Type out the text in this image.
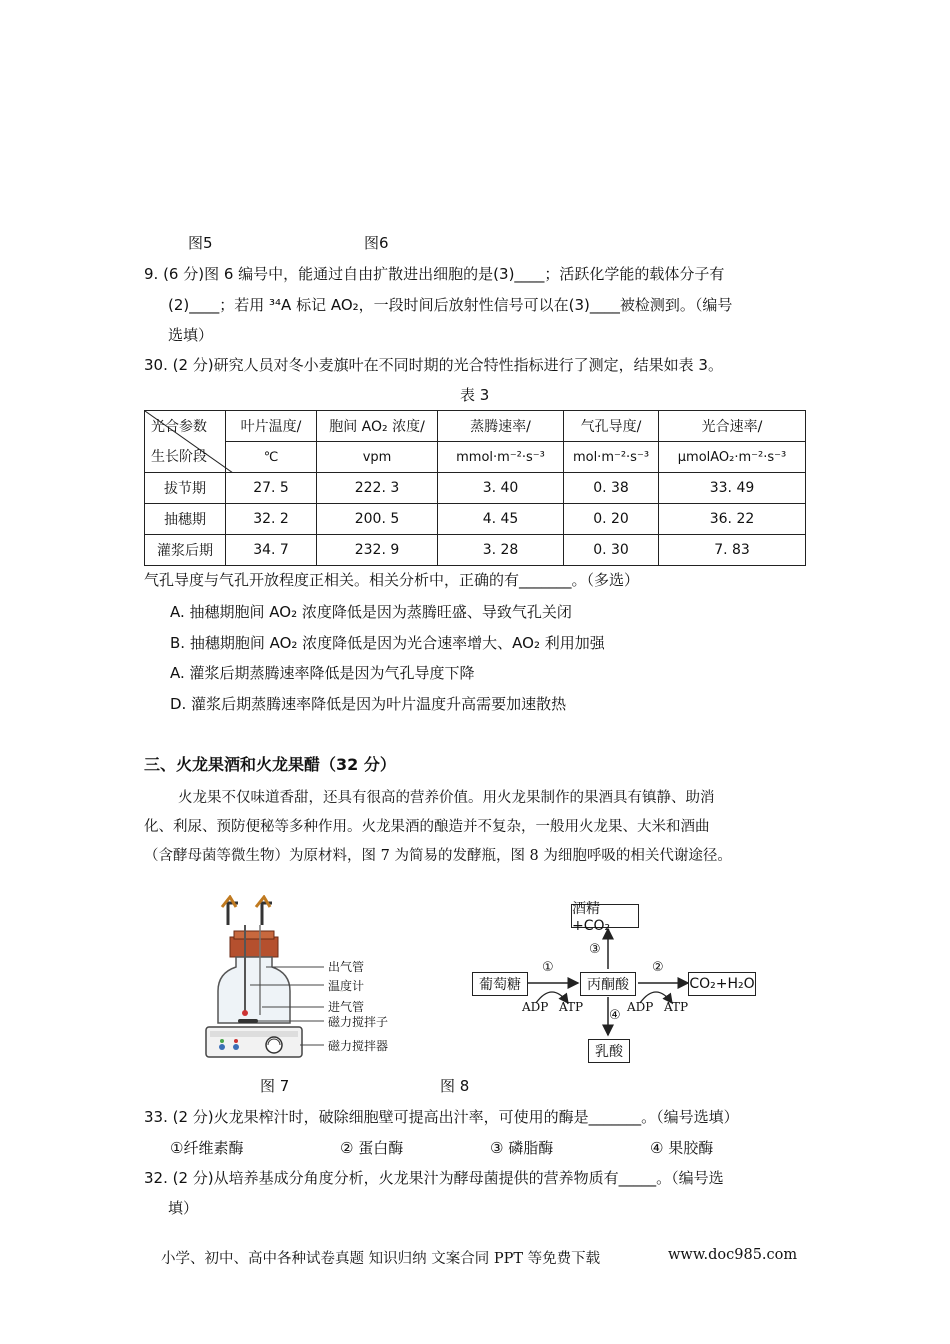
图5	图6
9. (6 分)图 6 编号中，能通过自由扩散进出细胞的是(3)____；活跃化学能的载体分子有
(2)____；若用 ³⁴A 标记 AO₂，一段时间后放射性信号可以在(3)____被检测到。（编号
选填）
30. (2 分)研究人员对冬小麦旗叶在不同时期的光合特性指标进行了测定，结果如表 3。
表 3
光合参数
生长阶段	叶片温度/	胞间 AO₂ 浓度/	蒸腾速率/	气孔导度/	光合速率/
	℃	vpm	mmol·m⁻²·s⁻³	mol·m⁻²·s⁻³	μmolAO₂·m⁻²·s⁻³
拔节期	27. 5	222. 3	3. 40	0. 38	33. 49
抽穗期	32. 2	200. 5	4. 45	0. 20	36. 22
灌浆后期	34. 7	232. 9	3. 28	0. 30	7. 83
气孔导度与气孔开放程度正相关。相关分析中，正确的有_______。（多选）
A. 抽穗期胞间 AO₂ 浓度降低是因为蒸腾旺盛、导致气孔关闭
B. 抽穗期胞间 AO₂ 浓度降低是因为光合速率增大、AO₂ 利用加强
A. 灌浆后期蒸腾速率降低是因为气孔导度下降
D. 灌浆后期蒸腾速率降低是因为叶片温度升高需要加速散热
三、火龙果酒和火龙果醋（32 分）
火龙果不仅味道香甜，还具有很高的营养价值。用火龙果制作的果酒具有镇静、助消
化、利尿、预防便秘等多种作用。火龙果酒的酿造并不复杂，一般用火龙果、大米和酒曲
（含酵母菌等微生物）为原材料，图 7 为简易的发酵瓶，图 8 为细胞呼吸的相关代谢途径。
出气管
温度计
进气管
磁力搅拌子
磁力搅拌器
图 7
酒精+CO₂
葡萄糖	丙酮酸	CO₂+H₂O
乳酸
①	②
③
④
ADP ATP	ADP ATP
图 8
33. (2 分)火龙果榨汁时，破除细胞壁可提高出汁率，可使用的酶是_______。（编号选填）
①纤维素酶	② 蛋白酶	③ 磷脂酶	④ 果胶酶
32. (2 分)从培养基成分角度分析，火龙果汁为酵母菌提供的营养物质有_____。（编号选
填）
小学、初中、高中各种试卷真题 知识归纳 文案合同 PPT 等免费下载	www.doc985.com
